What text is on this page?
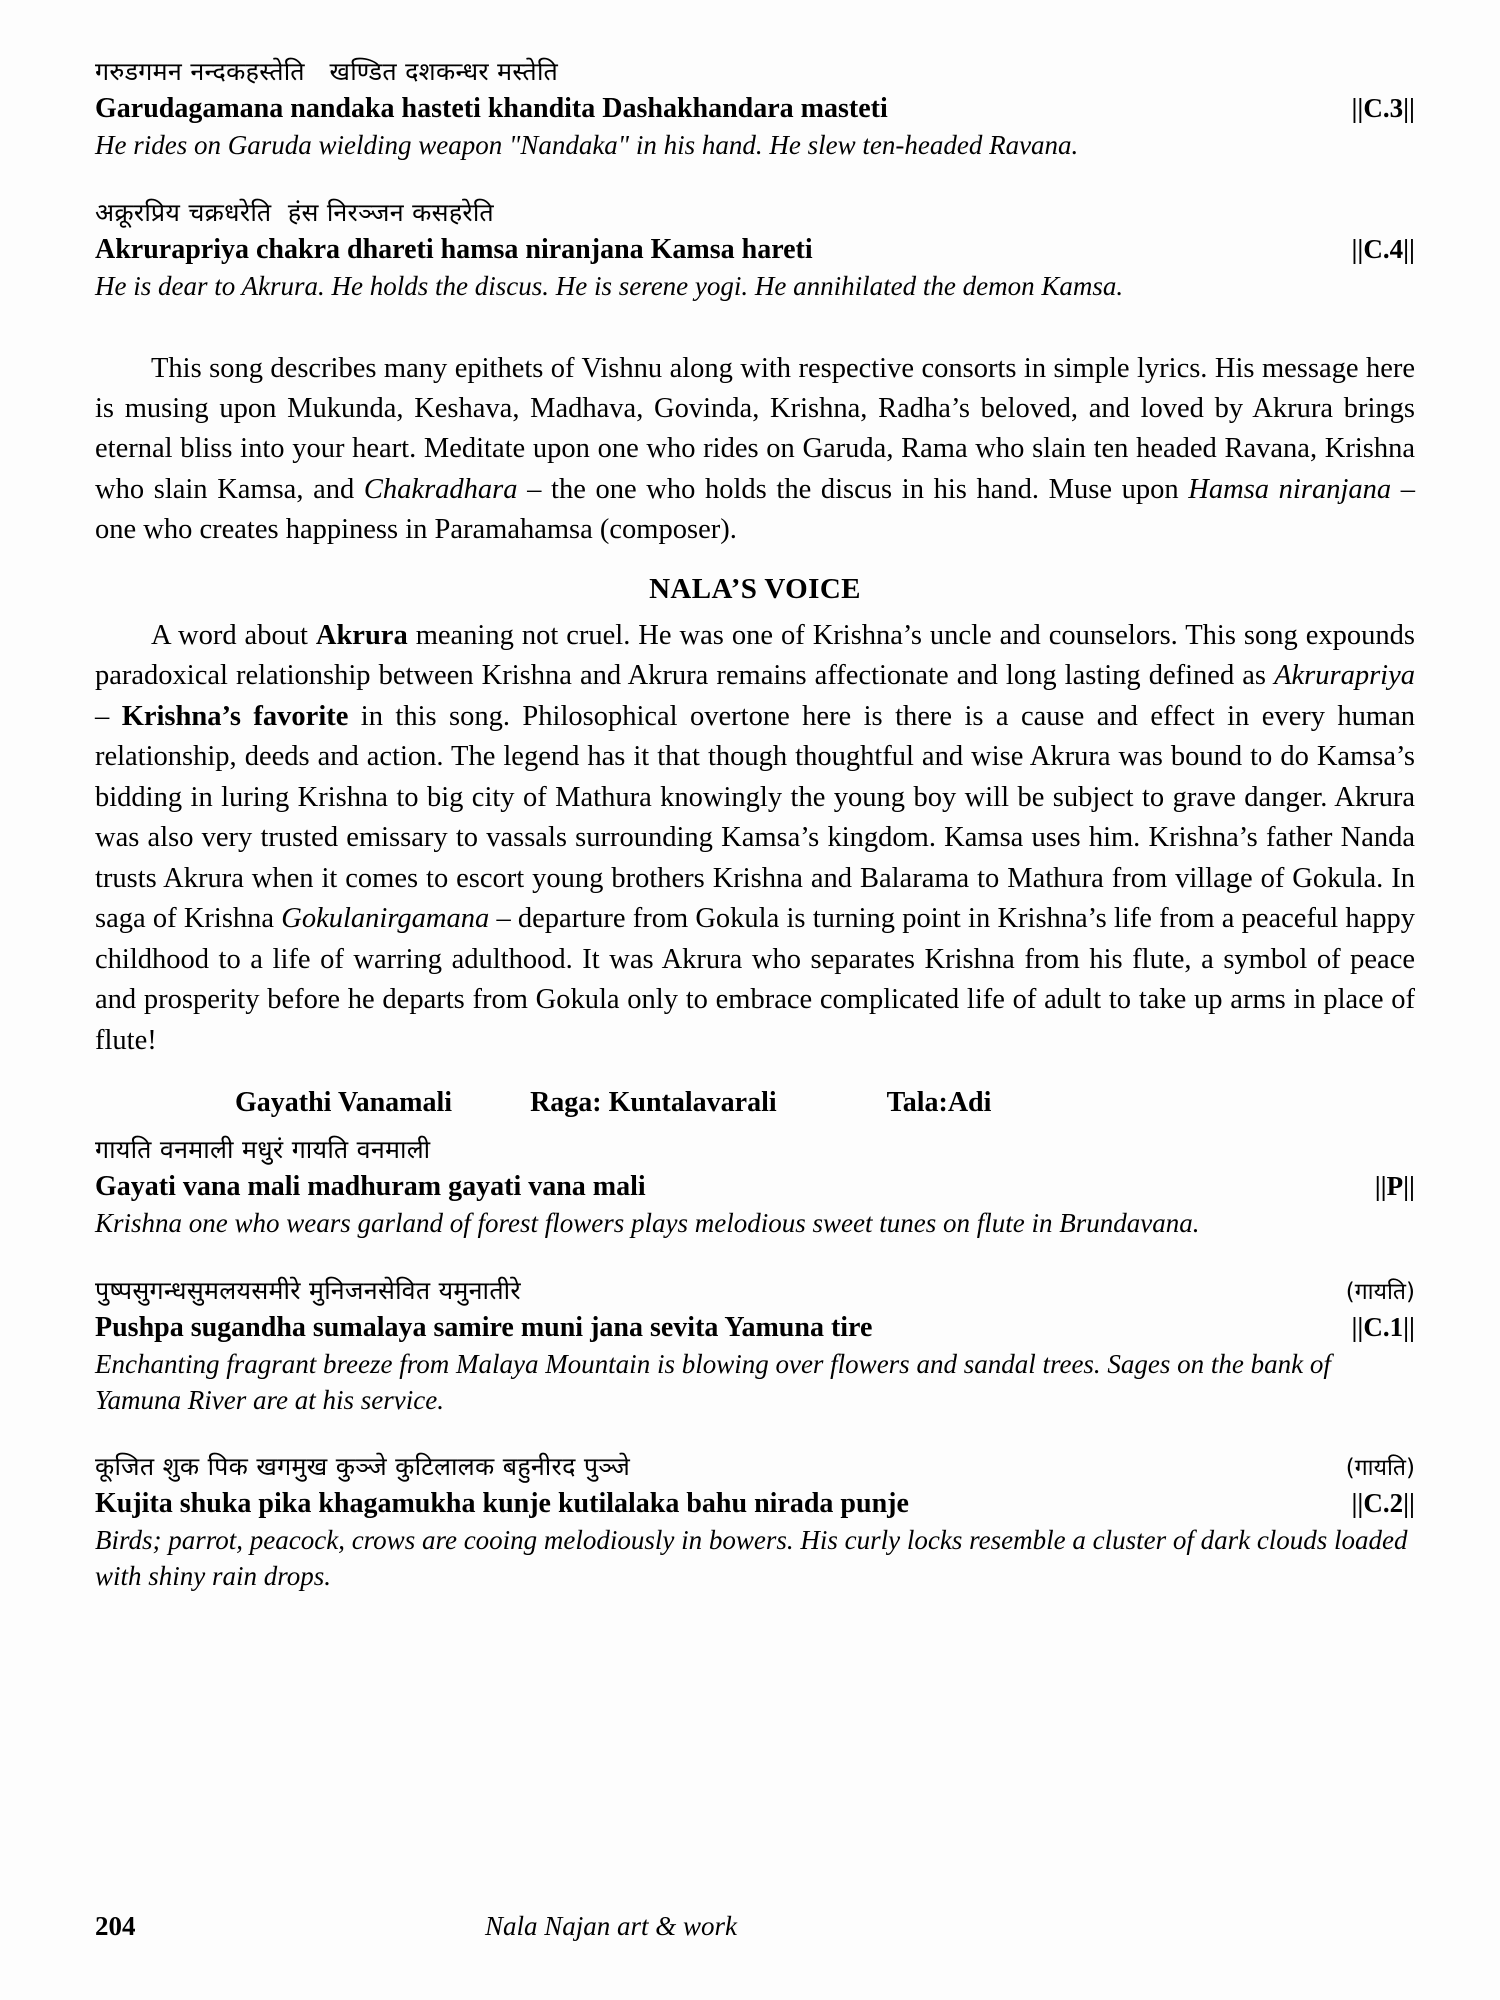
गरुडगमन नन्दकहस्तेति   खण्डित दशकन्धर मस्तेति
Garudagamana nandaka hasteti khandita Dashakhandara masteti	||C.3||
He rides on Garuda wielding weapon "Nandaka" in his hand. He slew ten-headed Ravana.
अक्रूरप्रिय चक्रधरेति  हंस निरञ्जन कसहरेति
Akrurapriya chakra dhareti hamsa niranjana Kamsa hareti	||C.4||
He is dear to Akrura. He holds the discus. He is serene yogi. He annihilated the demon Kamsa.

This song describes many epithets of Vishnu along with respective consorts in simple lyrics. His message here is musing upon Mukunda, Keshava, Madhava, Govinda, Krishna, Radha’s beloved, and loved by Akrura brings eternal bliss into your heart. Meditate upon one who rides on Garuda, Rama who slain ten headed Ravana, Krishna who slain Kamsa, and Chakradhara – the one who holds the discus in his hand. Muse upon Hamsa niranjana – one who creates happiness in Paramahamsa (composer).

NALA’S VOICE

A word about Akrura meaning not cruel. He was one of Krishna’s uncle and counselors. This song expounds paradoxical relationship between Krishna and Akrura remains affectionate and long lasting defined as Akrurapriya – Krishna’s favorite in this song. Philosophical overtone here is there is a cause and effect in every human relationship, deeds and action. The legend has it that though thoughtful and wise Akrura was bound to do Kamsa’s bidding in luring Krishna to big city of Mathura knowingly the young boy will be subject to grave danger. Akrura was also very trusted emissary to vassals surrounding Kamsa’s kingdom. Kamsa uses him. Krishna’s father Nanda trusts Akrura when it comes to escort young brothers Krishna and Balarama to Mathura from village of Gokula. In saga of Krishna Gokulanirgamana – departure from Gokula is turning point in Krishna’s life from a peaceful happy childhood to a life of warring adulthood. It was Akrura who separates Krishna from his flute, a symbol of peace and prosperity before he departs from Gokula only to embrace complicated life of adult to take up arms in place of flute!

Gayathi Vanamali	Raga: Kuntalavarali	Tala:Adi
गायति वनमाली मधुरं गायति वनमाली
Gayati vana mali madhuram gayati vana mali	||P||
Krishna one who wears garland of forest flowers plays melodious sweet tunes on flute in Brundavana.
पुष्पसुगन्धसुमलयसमीरे मुनिजनसेवित यमुनातीरे	(गायति)
Pushpa sugandha sumalaya samire muni jana sevita Yamuna tire	||C.1||
Enchanting fragrant breeze from Malaya Mountain is blowing over flowers and sandal trees. Sages on the bank of Yamuna River are at his service.
कूजित शुक पिक खगमुख कुञ्जे कुटिलालक बहुनीरद पुञ्जे	(गायति)
Kujita shuka pika khagamukha kunje kutilalaka bahu nirada punje	||C.2||
Birds; parrot, peacock, crows are cooing melodiously in bowers. His curly locks resemble a cluster of dark clouds loaded with shiny rain drops.
204	Nala Najan art & work
